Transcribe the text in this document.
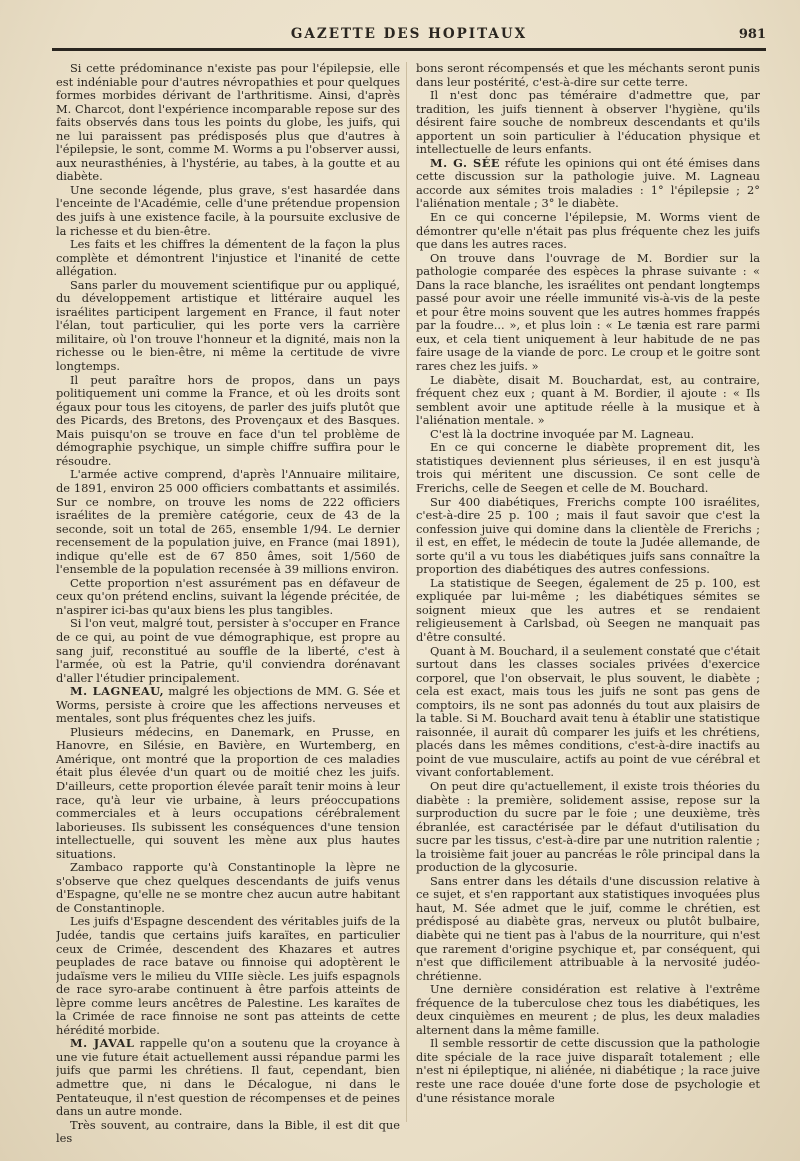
GAZETTE DES HOPITAUX	981

Si cette prédominance n'existe pas pour l'épilepsie, elle est indéniable pour d'autres névropathies et pour quelques formes morbides dérivant de l'arthritisme. Ainsi, d'après M. Charcot, dont l'expérience incomparable repose sur des faits observés dans tous les points du globe, les juifs, qui ne lui paraissent pas prédisposés plus que d'autres à l'épilepsie, le sont, comme M. Worms a pu l'observer aussi, aux neurasthénies, à l'hystérie, au tabes, à la goutte et au diabète.

Une seconde légende, plus grave, s'est hasardée dans l'enceinte de l'Académie, celle d'une prétendue propension des juifs à une existence facile, à la poursuite exclusive de la richesse et du bien-être.

Les faits et les chiffres la démentent de la façon la plus complète et démontrent l'injustice et l'inanité de cette allégation.

Sans parler du mouvement scientifique pur ou appliqué, du développement artistique et littéraire auquel les israélites participent largement en France, il faut noter l'élan, tout particulier, qui les porte vers la carrière militaire, où l'on trouve l'honneur et la dignité, mais non la richesse ou le bien-être, ni même la certitude de vivre longtemps.

Il peut paraître hors de propos, dans un pays politiquement uni comme la France, et où les droits sont égaux pour tous les citoyens, de parler des juifs plutôt que des Picards, des Bretons, des Provençaux et des Basques. Mais puisqu'on se trouve en face d'un tel problème de démographie psychique, un simple chiffre suffira pour le résoudre.

L'armée active comprend, d'après l'Annuaire militaire, de 1891, environ 25 000 officiers combattants et assimilés. Sur ce nombre, on trouve les noms de 222 officiers israélites de la première catégorie, ceux de 43 de la seconde, soit un total de 265, ensemble 1/94. Le dernier recensement de la population juive, en France (mai 1891), indique qu'elle est de 67 850 âmes, soit 1/560 de l'ensemble de la population recensée à 39 millions environ.

Cette proportion n'est assurément pas en défaveur de ceux qu'on prétend enclins, suivant la légende précitée, de n'aspirer ici-bas qu'aux biens les plus tangibles.

Si l'on veut, malgré tout, persister à s'occuper en France de ce qui, au point de vue démographique, est propre au sang juif, reconstitué au souffle de la liberté, c'est à l'armée, où est la Patrie, qu'il conviendra dorénavant d'aller l'étudier principalement.

M. LAGNEAU, malgré les objections de MM. G. Sée et Worms, persiste à croire que les affections nerveuses et mentales, sont plus fréquentes chez les juifs.

Plusieurs médecins, en Danemark, en Prusse, en Hanovre, en Silésie, en Bavière, en Wurtemberg, en Amérique, ont montré que la proportion de ces maladies était plus élevée d'un quart ou de moitié chez les juifs. D'ailleurs, cette proportion élevée paraît tenir moins à leur race, qu'à leur vie urbaine, à leurs préoccupations commerciales et à leurs occupations cérébralement laborieuses. Ils subissent les conséquences d'une tension intellectuelle, qui souvent les mène aux plus hautes situations.

Zambaco rapporte qu'à Constantinople la lèpre ne s'observe que chez quelques descendants de juifs venus d'Espagne, qu'elle ne se montre chez aucun autre habitant de Constantinople.

Les juifs d'Espagne descendent des véritables juifs de la Judée, tandis que certains juifs karaïtes, en particulier ceux de Crimée, descendent des Khazares et autres peuplades de race batave ou finnoise qui adoptèrent le judaïsme vers le milieu du VIIIe siècle. Les juifs espagnols de race syro-arabe continuent à être parfois atteints de lèpre comme leurs ancêtres de Palestine. Les karaïtes de la Crimée de race finnoise ne sont pas atteints de cette hérédité morbide.

M. JAVAL rappelle qu'on a soutenu que la croyance à une vie future était actuellement aussi répandue parmi les juifs que parmi les chrétiens. Il faut, cependant, bien admettre que, ni dans le Décalogue, ni dans le Pentateuque, il n'est question de récompenses et de peines dans un autre monde.

Très souvent, au contraire, dans la Bible, il est dit que les

bons seront récompensés et que les méchants seront punis dans leur postérité, c'est-à-dire sur cette terre.

Il n'est donc pas téméraire d'admettre que, par tradition, les juifs tiennent à observer l'hygiène, qu'ils désirent faire souche de nombreux descendants et qu'ils apportent un soin particulier à l'éducation physique et intellectuelle de leurs enfants.

M. G. SÉE réfute les opinions qui ont été émises dans cette discussion sur la pathologie juive. M. Lagneau accorde aux sémites trois maladies : 1° l'épilepsie ; 2° l'aliénation mentale ; 3° le diabète.

En ce qui concerne l'épilepsie, M. Worms vient de démontrer qu'elle n'était pas plus fréquente chez les juifs que dans les autres races.

On trouve dans l'ouvrage de M. Bordier sur la pathologie comparée des espèces la phrase suivante : « Dans la race blanche, les israélites ont pendant longtemps passé pour avoir une réelle immunité vis-à-vis de la peste et pour être moins souvent que les autres hommes frappés par la foudre... », et plus loin : « Le tænia est rare parmi eux, et cela tient uniquement à leur habitude de ne pas faire usage de la viande de porc. Le croup et le goitre sont rares chez les juifs. »

Le diabète, disait M. Bouchardat, est, au contraire, fréquent chez eux ; quant à M. Bordier, il ajoute : « Ils semblent avoir une aptitude réelle à la musique et à l'aliénation mentale. »

C'est là la doctrine invoquée par M. Lagneau.

En ce qui concerne le diabète proprement dit, les statistiques deviennent plus sérieuses, il en est jusqu'à trois qui méritent une discussion. Ce sont celle de Frerichs, celle de Seegen et celle de M. Bouchard.

Sur 400 diabétiques, Frerichs compte 100 israélites, c'est-à-dire 25 p. 100 ; mais il faut savoir que c'est la confession juive qui domine dans la clientèle de Frerichs ; il est, en effet, le médecin de toute la Judée allemande, de sorte qu'il a vu tous les diabétiques juifs sans connaître la proportion des diabétiques des autres confessions.

La statistique de Seegen, également de 25 p. 100, est expliquée par lui-même ; les diabétiques sémites se soignent mieux que les autres et se rendaient religieusement à Carlsbad, où Seegen ne manquait pas d'être consulté.

Quant à M. Bouchard, il a seulement constaté que c'était surtout dans les classes sociales privées d'exercice corporel, que l'on observait, le plus souvent, le diabète ; cela est exact, mais tous les juifs ne sont pas gens de comptoirs, ils ne sont pas adonnés du tout aux plaisirs de la table. Si M. Bouchard avait tenu à établir une statistique raisonnée, il aurait dû comparer les juifs et les chrétiens, placés dans les mêmes conditions, c'est-à-dire inactifs au point de vue musculaire, actifs au point de vue cérébral et vivant confortablement.

On peut dire qu'actuellement, il existe trois théories du diabète : la première, solidement assise, repose sur la surproduction du sucre par le foie ; une deuxième, très ébranlée, est caractérisée par le défaut d'utilisation du sucre par les tissus, c'est-à-dire par une nutrition ralentie ; la troisième fait jouer au pancréas le rôle principal dans la production de la glycosurie.

Sans entrer dans les détails d'une discussion relative à ce sujet, et s'en rapportant aux statistiques invoquées plus haut, M. Sée admet que le juif, comme le chrétien, est prédisposé au diabète gras, nerveux ou plutôt bulbaire, diabète qui ne tient pas à l'abus de la nourriture, qui n'est que rarement d'origine psychique et, par conséquent, qui n'est que difficilement attribuable à la nervosité judéo-chrétienne.

Une dernière considération est relative à l'extrême fréquence de la tuberculose chez tous les diabétiques, les deux cinquièmes en meurent ; de plus, les deux maladies alternent dans la même famille.

Il semble ressortir de cette discussion que la pathologie dite spéciale de la race juive disparaît totalement ; elle n'est ni épileptique, ni aliénée, ni diabétique ; la race juive reste une race douée d'une forte dose de psychologie et d'une résistance morale
